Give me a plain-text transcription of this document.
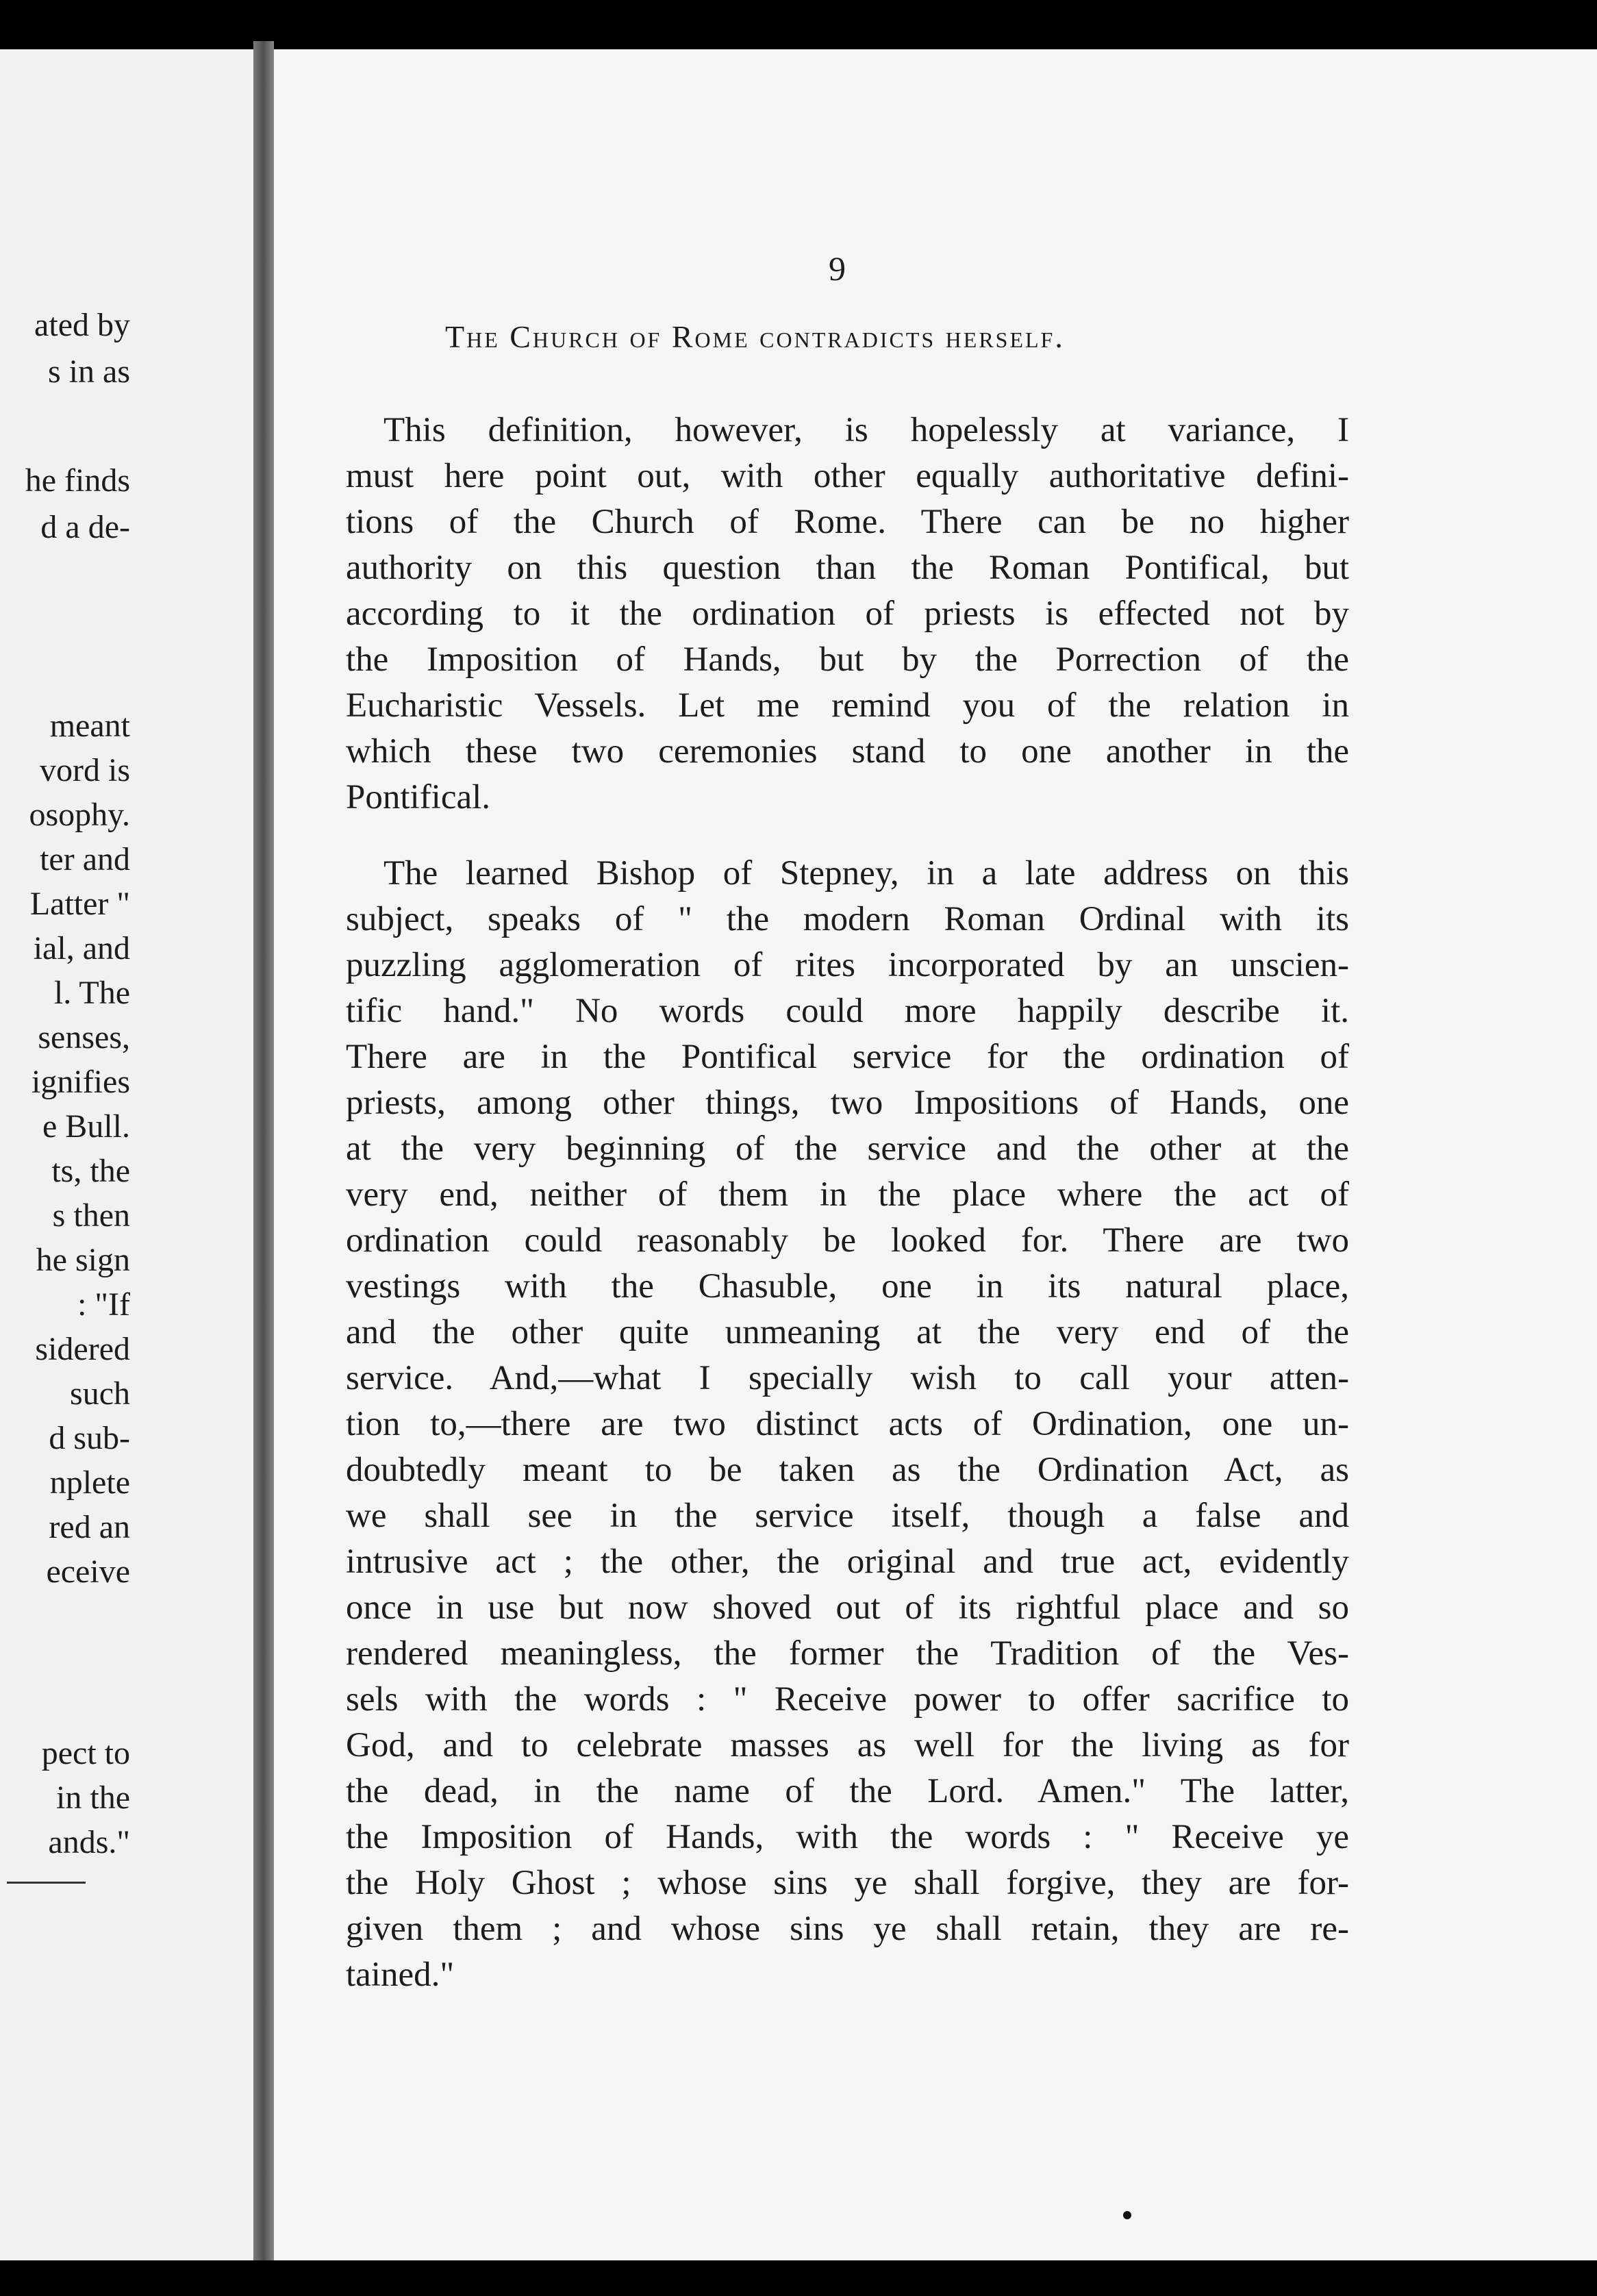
ated by
s in as
he finds
d a de-
meant
vord is
osophy.
ter and
Latter "
ial, and
l. The
senses,
ignifies
e Bull.
ts, the
s then
he sign
: "If
sidered
such
d sub-
nplete
red an
eceive
pect to
in the
ands."
9
The Church of Rome contradicts herself.
This definition, however, is hopelessly at variance, I
must here point out, with other equally authoritative defini-
tions of the Church of Rome. There can be no higher
authority on this question than the Roman Pontifical, but
according to it the ordination of priests is effected not by
the Imposition of Hands, but by the Porrection of the
Eucharistic Vessels. Let me remind you of the relation in
which these two ceremonies stand to one another in the
Pontifical.
The learned Bishop of Stepney, in a late address on this
subject, speaks of " the modern Roman Ordinal with its
puzzling agglomeration of rites incorporated by an unscien-
tific hand." No words could more happily describe it.
There are in the Pontifical service for the ordination of
priests, among other things, two Impositions of Hands, one
at the very beginning of the service and the other at the
very end, neither of them in the place where the act of
ordination could reasonably be looked for. There are two
vestings with the Chasuble, one in its natural place,
and the other quite unmeaning at the very end of the
service. And,—what I specially wish to call your atten-
tion to,—there are two distinct acts of Ordination, one un-
doubtedly meant to be taken as the Ordination Act, as
we shall see in the service itself, though a false and
intrusive act ; the other, the original and true act, evidently
once in use but now shoved out of its rightful place and so
rendered meaningless, the former the Tradition of the Ves-
sels with the words : " Receive power to offer sacrifice to
God, and to celebrate masses as well for the living as for
the dead, in the name of the Lord. Amen." The latter,
the Imposition of Hands, with the words : " Receive ye
the Holy Ghost ; whose sins ye shall forgive, they are for-
given them ; and whose sins ye shall retain, they are re-
tained."
